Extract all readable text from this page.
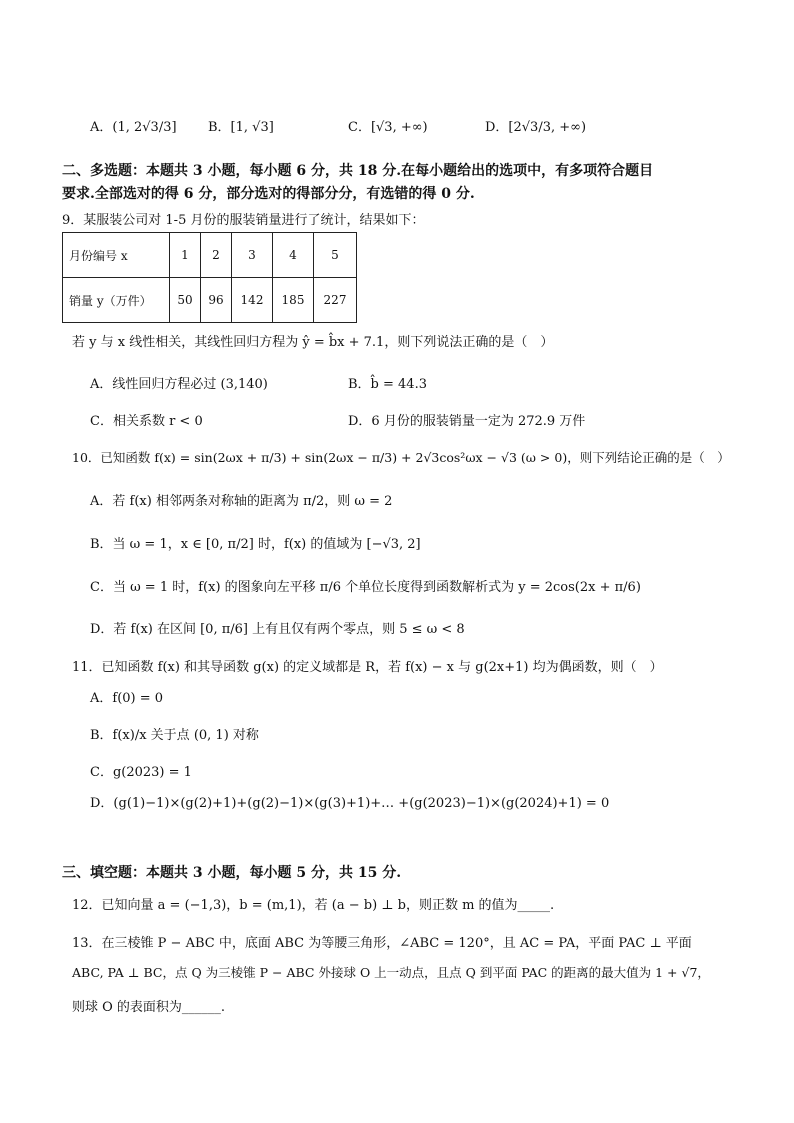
A．(1, 2√3/3] B．[1, √3]	C．[√3, +∞)	D．[2√3/3, +∞)
二、多选题：本题共 3 小题，每小题 6 分，共 18 分.在每小题给出的选项中，有多项符合题目
要求.全部选对的得 6 分，部分选对的得部分分，有选错的得 0 分.
9．某服装公司对 1-5 月份的服装销量进行了统计，结果如下：
月份编号 x	1	2	3	4	5
销量 y（万件）	50	96	142	185	227
若 y 与 x 线性相关，其线性回归方程为 ŷ = b̂x + 7.1，则下列说法正确的是（　）
A．线性回归方程必过 (3,140)	B．b̂ = 44.3
C．相关系数 r < 0	D．6 月份的服装销量一定为 272.9 万件
10．已知函数 f(x) = sin(2ωx + π/3) + sin(2ωx − π/3) + 2√3cos²ωx − √3 (ω > 0)，则下列结论正确的是（　）
A．若 f(x) 相邻两条对称轴的距离为 π/2，则 ω = 2
B．当 ω = 1，x ∈ [0, π/2] 时，f(x) 的值域为 [−√3, 2]
C．当 ω = 1 时，f(x) 的图象向左平移 π/6 个单位长度得到函数解析式为 y = 2cos(2x + π/6)
D．若 f(x) 在区间 [0, π/6] 上有且仅有两个零点，则 5 ≤ ω < 8
11．已知函数 f(x) 和其导函数 g(x) 的定义域都是 R，若 f(x) − x 与 g(2x+1) 均为偶函数，则（　）
A．f(0) = 0
B．f(x)/x 关于点 (0, 1) 对称
C．g(2023) = 1
D．(g(1)−1)×(g(2)+1)+(g(2)−1)×(g(3)+1)+… +(g(2023)−1)×(g(2024)+1) = 0
三、填空题：本题共 3 小题，每小题 5 分，共 15 分.
12．已知向量 a = (−1,3)，b = (m,1)，若 (a − b) ⊥ b，则正数 m 的值为_____.
13．在三棱锥 P − ABC 中，底面 ABC 为等腰三角形，∠ABC = 120°，且 AC = PA，平面 PAC ⊥ 平面
ABC, PA ⊥ BC，点 Q 为三棱锥 P − ABC 外接球 O 上一动点，且点 Q 到平面 PAC 的距离的最大值为 1 + √7，
则球 O 的表面积为______.
